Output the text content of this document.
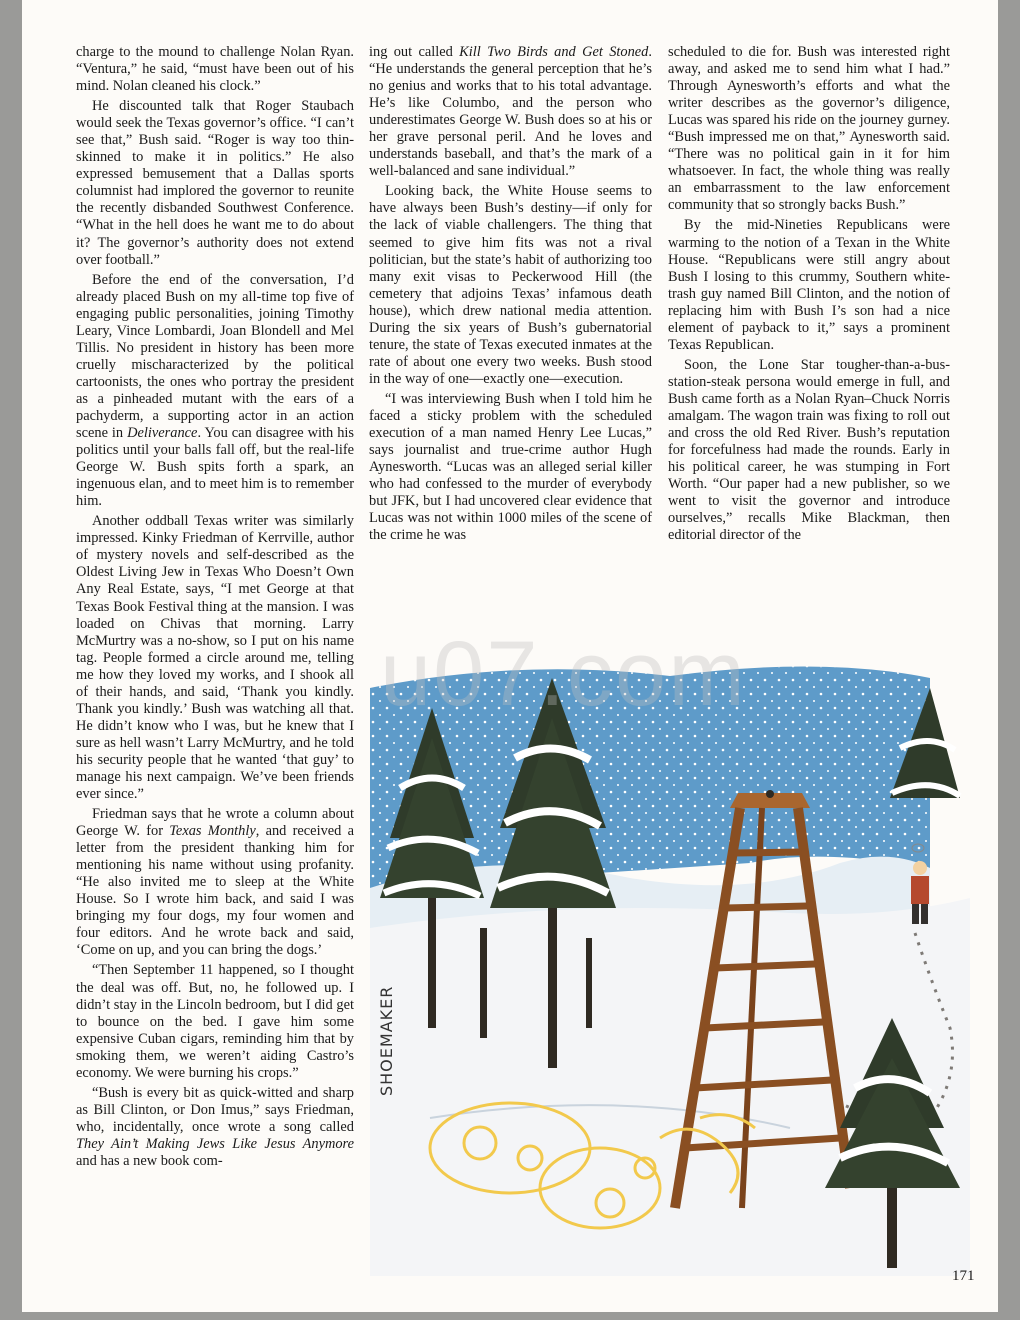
charge to the mound to challenge Nolan Ryan. “Ventura,” he said, “must have been out of his mind. Nolan cleaned his clock.”

He discounted talk that Roger Staubach would seek the Texas governor’s office. “I can’t see that,” Bush said. “Roger is way too thin-skinned to make it in politics.” He also expressed bemusement that a Dallas sports columnist had implored the governor to reunite the recently disbanded Southwest Conference. “What in the hell does he want me to do about it? The governor’s authority does not extend over football.”

Before the end of the conversation, I’d already placed Bush on my all-time top five of engaging public personalities, joining Timothy Leary, Vince Lombardi, Joan Blondell and Mel Tillis. No president in history has been more cruelly mischaracterized by the political cartoonists, the ones who portray the president as a pinheaded mutant with the ears of a pachyderm, a supporting actor in an action scene in Deliverance. You can disagree with his politics until your balls fall off, but the real-life George W. Bush spits forth a spark, an ingenuous elan, and to meet him is to remember him.

Another oddball Texas writer was similarly impressed. Kinky Friedman of Kerrville, author of mystery novels and self-described as the Oldest Living Jew in Texas Who Doesn’t Own Any Real Estate, says, “I met George at that Texas Book Festival thing at the mansion. I was loaded on Chivas that morning. Larry McMurtry was a no-show, so I put on his name tag. People formed a circle around me, telling me how they loved my works, and I shook all of their hands, and said, ‘Thank you kindly. Thank you kindly.’ Bush was watching all that. He didn’t know who I was, but he knew that I sure as hell wasn’t Larry McMurtry, and he told his security people that he wanted ‘that guy’ to manage his next campaign. We’ve been friends ever since.”

Friedman says that he wrote a column about George W. for Texas Monthly, and received a letter from the president thanking him for mentioning his name without using profanity. “He also invited me to sleep at the White House. So I wrote him back, and said I was bringing my four dogs, my four women and four editors. And he wrote back and said, ‘Come on up, and you can bring the dogs.’

“Then September 11 happened, so I thought the deal was off. But, no, he followed up. I didn’t stay in the Lincoln bedroom, but I did get to bounce on the bed. I gave him some expensive Cuban cigars, reminding him that by smoking them, we weren’t aiding Castro’s economy. We were burning his crops.”

“Bush is every bit as quick-witted and sharp as Bill Clinton, or Don Imus,” says Friedman, who, incidentally, once wrote a song called They Ain’t Making Jews Like Jesus Anymore and has a new book com-

ing out called Kill Two Birds and Get Stoned. “He understands the general perception that he’s no genius and works that to his total advantage. He’s like Columbo, and the person who underestimates George W. Bush does so at his or her grave personal peril. And he loves and understands baseball, and that’s the mark of a well-balanced and sane individual.”

Looking back, the White House seems to have always been Bush’s destiny—if only for the lack of viable challengers. The thing that seemed to give him fits was not a rival politician, but the state’s habit of authorizing too many exit visas to Peckerwood Hill (the cemetery that adjoins Texas’ infamous death house), which drew national media attention. During the six years of Bush’s gubernatorial tenure, the state of Texas executed inmates at the rate of about one every two weeks. Bush stood in the way of one—exactly one—execution.

“I was interviewing Bush when I told him he faced a sticky problem with the scheduled execution of a man named Henry Lee Lucas,” says journalist and true-crime author Hugh Aynesworth. “Lucas was an alleged serial killer who had confessed to the murder of everybody but JFK, but I had uncovered clear evidence that Lucas was not within 1000 miles of the scene of the crime he was

scheduled to die for. Bush was interested right away, and asked me to send him what I had.” Through Aynesworth’s efforts and what the writer describes as the governor’s diligence, Lucas was spared his ride on the journey gurney. “Bush impressed me on that,” Aynesworth said. “There was no political gain in it for him whatsoever. In fact, the whole thing was really an embarrassment to the law enforcement community that so strongly backs Bush.”

By the mid-Nineties Republicans were warming to the notion of a Texan in the White House. “Republicans were still angry about Bush I losing to this crummy, Southern white-trash guy named Bill Clinton, and the notion of replacing him with Bush I’s son had a nice element of payback to it,” says a prominent Texas Republican.

Soon, the Lone Star tougher-than-a-bus-station-steak persona would emerge in full, and Bush came forth as a Nolan Ryan–Chuck Norris amalgam. The wagon train was fixing to roll out and cross the old Red River. Bush’s reputation for forcefulness had made the rounds. Early in his political career, he was stumping in Fort Worth. “Our paper had a new publisher, so we went to visit the governor and introduce ourselves,” recalls Mike Blackman, then editorial director of the

SHOEMAKER
u07.com
171
